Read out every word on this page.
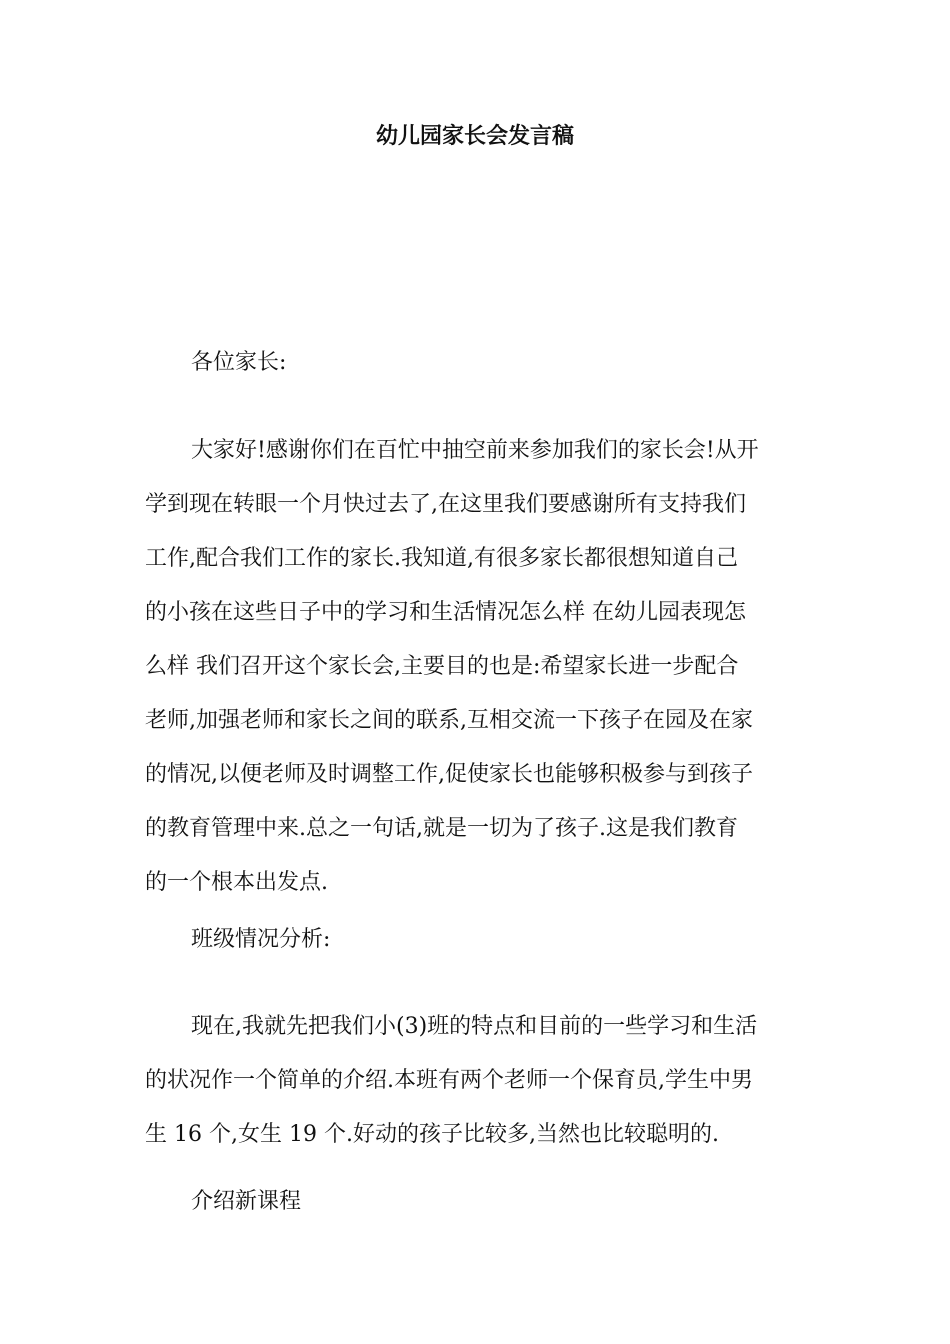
幼儿园家长会发言稿

各位家长:

大家好!感谢你们在百忙中抽空前来参加我们的家长会!从开
学到现在转眼一个月快过去了,在这里我们要感谢所有支持我们
工作,配合我们工作的家长.我知道,有很多家长都很想知道自己
的小孩在这些日子中的学习和生活情况怎么样 在幼儿园表现怎
么样 我们召开这个家长会,主要目的也是:希望家长进一步配合
老师,加强老师和家长之间的联系,互相交流一下孩子在园及在家
的情况,以便老师及时调整工作,促使家长也能够积极参与到孩子
的教育管理中来.总之一句话,就是一切为了孩子.这是我们教育
的一个根本出发点.

班级情况分析:

现在,我就先把我们小(3)班的特点和目前的一些学习和生活
的状况作一个简单的介绍.本班有两个老师一个保育员,学生中男
生 16 个,女生 19 个.好动的孩子比较多,当然也比较聪明的.

介绍新课程
